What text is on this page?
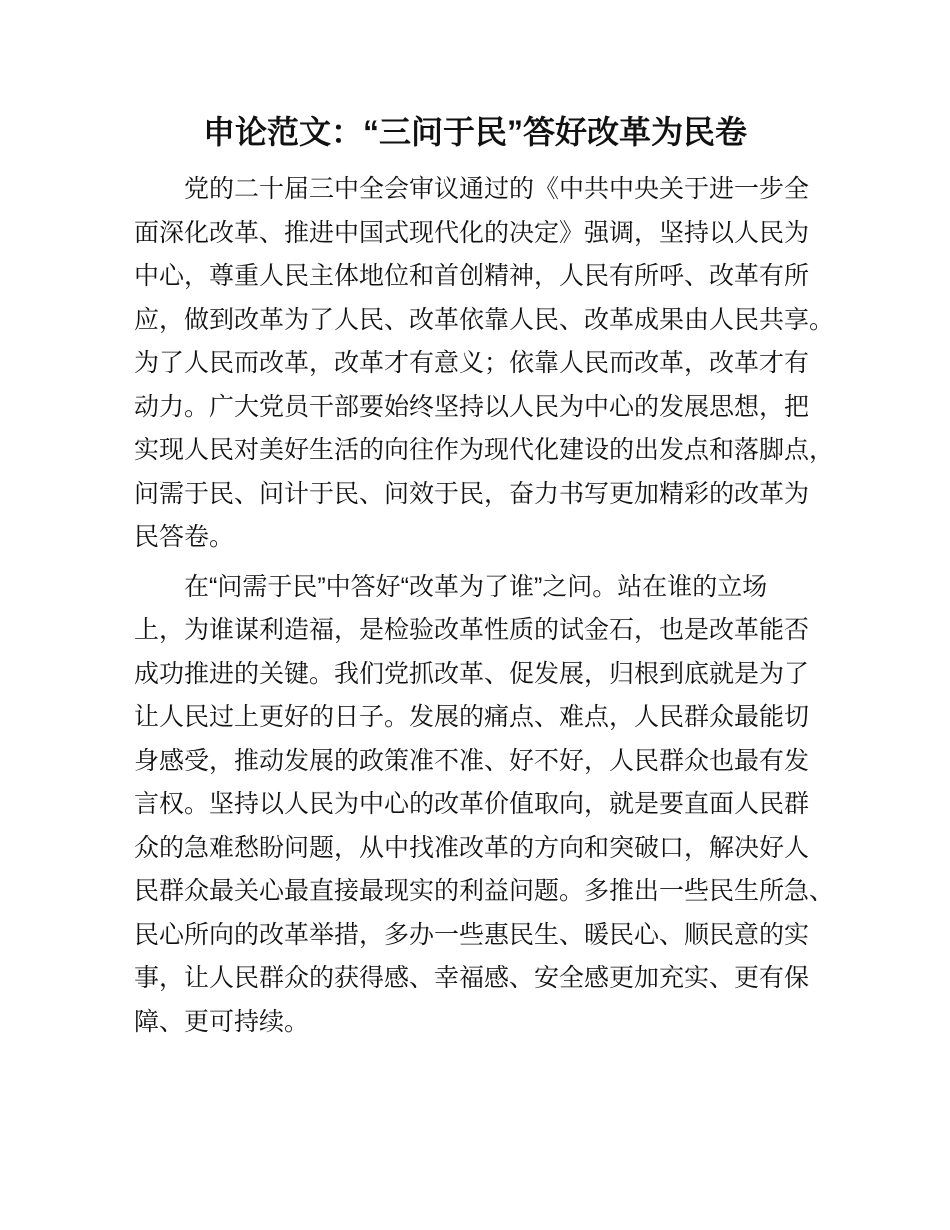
申论范文：“三问于民”答好改革为民卷
　　党的二十届三中全会审议通过的《中共中央关于进一步全
面深化改革、推进中国式现代化的决定》强调，坚持以人民为
中心，尊重人民主体地位和首创精神，人民有所呼、改革有所
应，做到改革为了人民、改革依靠人民、改革成果由人民共享。
为了人民而改革，改革才有意义；依靠人民而改革，改革才有
动力。广大党员干部要始终坚持以人民为中心的发展思想，把
实现人民对美好生活的向往作为现代化建设的出发点和落脚点，
问需于民、问计于民、问效于民，奋力书写更加精彩的改革为
民答卷。
　　在“问需于民”中答好“改革为了谁”之问。站在谁的立场
上，为谁谋利造福，是检验改革性质的试金石，也是改革能否
成功推进的关键。我们党抓改革、促发展，归根到底就是为了
让人民过上更好的日子。发展的痛点、难点，人民群众最能切
身感受，推动发展的政策准不准、好不好，人民群众也最有发
言权。坚持以人民为中心的改革价值取向，就是要直面人民群
众的急难愁盼问题，从中找准改革的方向和突破口，解决好人
民群众最关心最直接最现实的利益问题。多推出一些民生所急、
民心所向的改革举措，多办一些惠民生、暖民心、顺民意的实
事，让人民群众的获得感、幸福感、安全感更加充实、更有保
障、更可持续。
